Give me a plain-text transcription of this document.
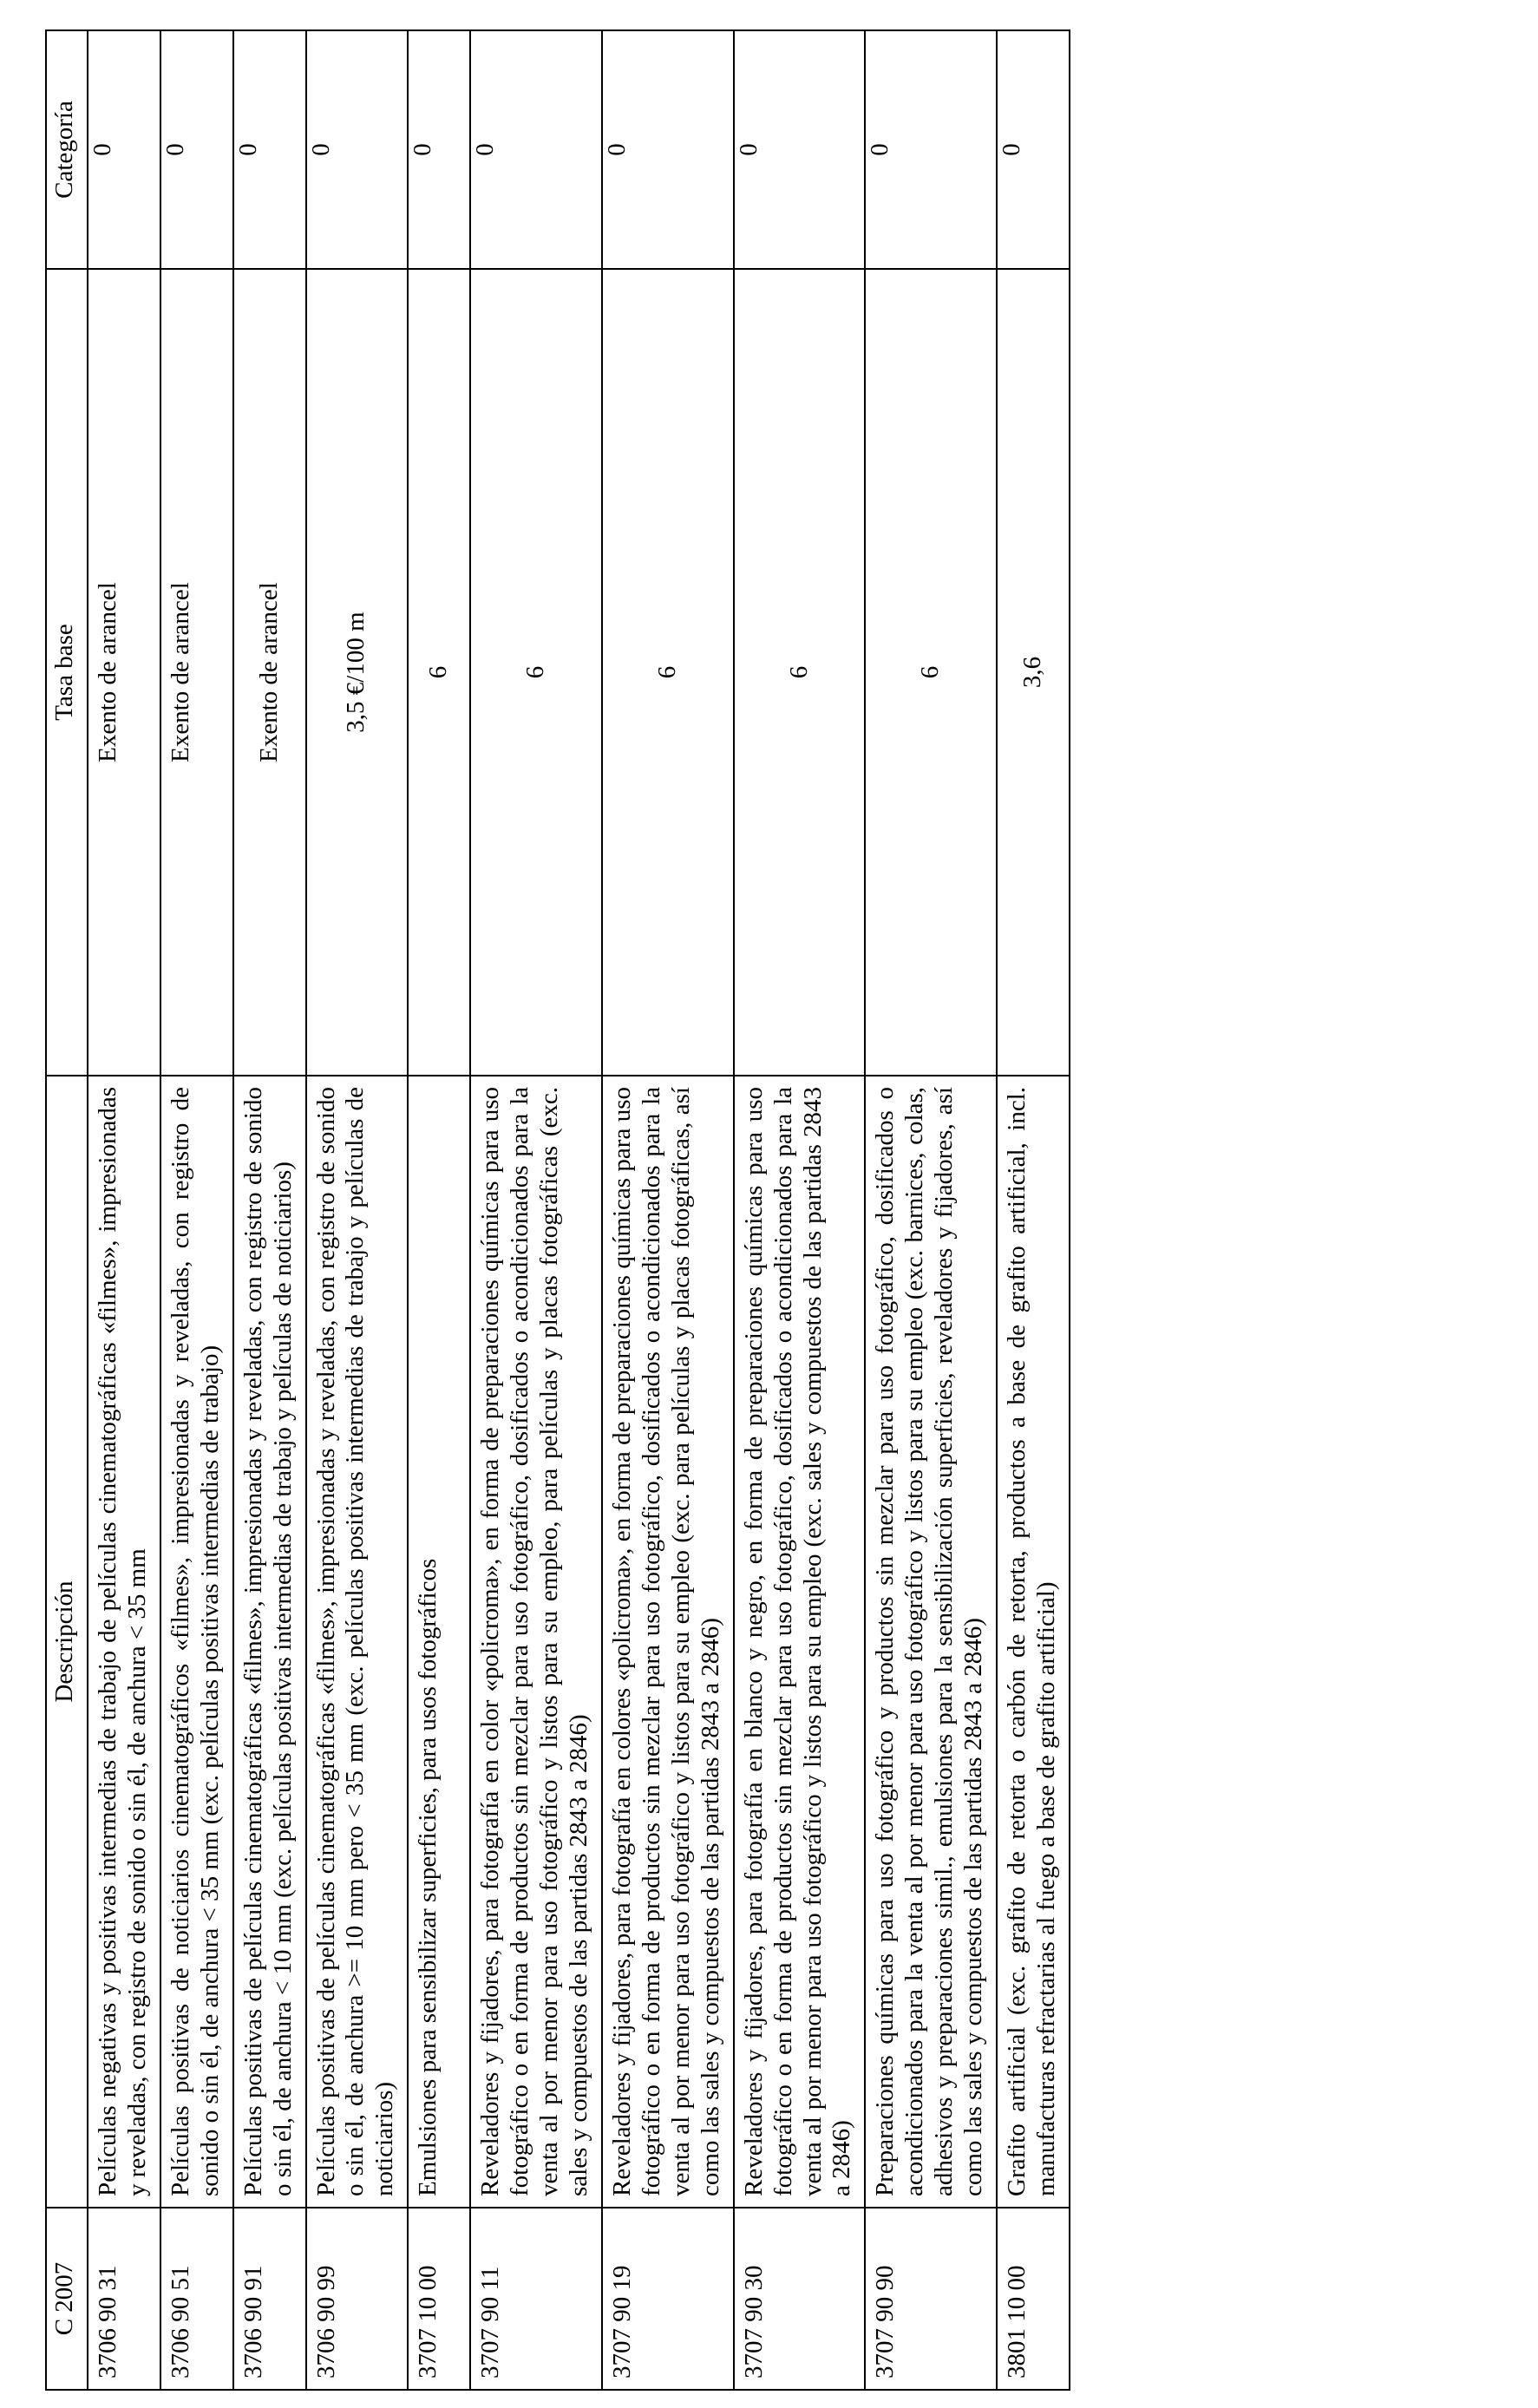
C 2007	Descripción	Tasa base	Categoría
3706 90 31	Películas negativas y positivas intermedias de trabajo de películas cinematográficas «filmes», impresionadas y reveladas, con registro de sonido o sin él, de anchura < 35 mm	Exento de arancel	0
3706 90 51	Películas positivas de noticiarios cinematográficos «filmes», impresionadas y reveladas, con registro de sonido o sin él, de anchura < 35 mm (exc. películas positivas intermedias de trabajo)	Exento de arancel	0
3706 90 91	Películas positivas de películas cinematográficas «filmes», impresionadas y reveladas, con registro de sonido o sin él, de anchura < 10 mm (exc. películas positivas intermedias de trabajo y películas de noticiarios)	Exento de arancel	0
3706 90 99	Películas positivas de películas cinematográficas «filmes», impresionadas y reveladas, con registro de sonido o sin él, de anchura >= 10 mm pero < 35 mm (exc. películas positivas intermedias de trabajo y películas de noticiarios)	3,5 €/100 m	0
3707 10 00	Emulsiones para sensibilizar superficies, para usos fotográficos	6	0
3707 90 11	Reveladores y fijadores, para fotografía en color «policroma», en forma de preparaciones químicas para uso fotográfico o en forma de productos sin mezclar para uso fotográfico, dosificados o acondicionados para la venta al por menor para uso fotográfico y listos para su empleo, para películas y placas fotográficas (exc. sales y compuestos de las partidas 2843 a 2846)	6	0
3707 90 19	Reveladores y fijadores, para fotografía en colores «policroma», en forma de preparaciones químicas para uso fotográfico o en forma de productos sin mezclar para uso fotográfico, dosificados o acondicionados para la venta al por menor para uso fotográfico y listos para su empleo (exc. para películas y placas fotográficas, así como las sales y compuestos de las partidas 2843 a 2846)	6	0
3707 90 30	Reveladores y fijadores, para fotografía en blanco y negro, en forma de preparaciones químicas para uso fotográfico o en forma de productos sin mezclar para uso fotográfico, dosificados o acondicionados para la venta al por menor para uso fotográfico y listos para su empleo (exc. sales y compuestos de las partidas 2843 a 2846)	6	0
3707 90 90	Preparaciones químicas para uso fotográfico y productos sin mezclar para uso fotográfico, dosificados o acondicionados para la venta al por menor para uso fotográfico y listos para su empleo (exc. barnices, colas, adhesivos y preparaciones simil., emulsiones para la sensibilización superficies, reveladores y fijadores, así como las sales y compuestos de las partidas 2843 a 2846)	6	0
3801 10 00	Grafito artificial (exc. grafito de retorta o carbón de retorta, productos a base de grafito artificial, incl. manufacturas refractarias al fuego a base de grafito artificial)	3,6	0
